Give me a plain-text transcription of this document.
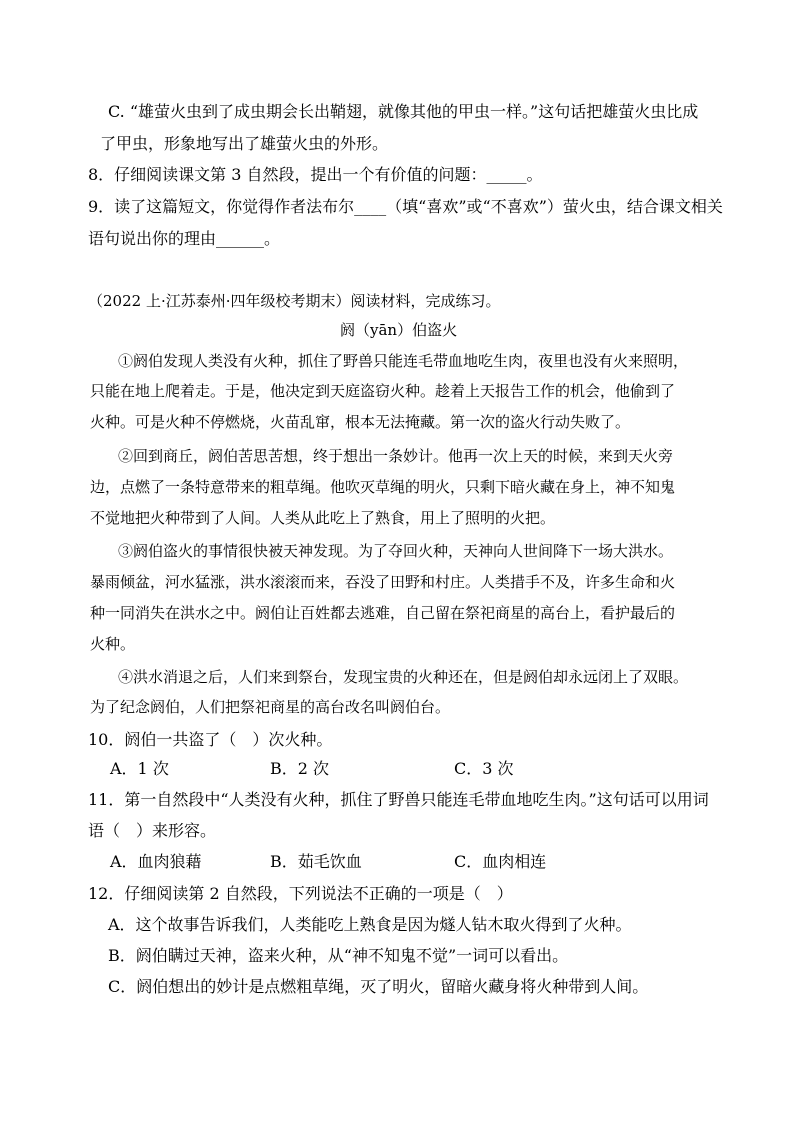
C. “雄萤火虫到了成虫期会长出鞘翅，就像其他的甲虫一样。”这句话把雄萤火虫比成
了甲虫，形象地写出了雄萤火虫的外形。
8．仔细阅读课文第 3 自然段，提出一个有价值的问题：_____。
9．读了这篇短文，你觉得作者法布尔____（填“喜欢”或“不喜欢”）萤火虫，结合课文相关
语句说出你的理由______。
（2022 上·江苏泰州·四年级校考期末）阅读材料，完成练习。
阏（yān）伯盗火
①阏伯发现人类没有火种，抓住了野兽只能连毛带血地吃生肉，夜里也没有火来照明，
只能在地上爬着走。于是，他决定到天庭盗窃火种。趁着上天报告工作的机会，他偷到了
火种。可是火种不停燃烧，火苗乱窜，根本无法掩藏。第一次的盗火行动失败了。
②回到商丘，阏伯苦思苦想，终于想出一条妙计。他再一次上天的时候，来到天火旁
边，点燃了一条特意带来的粗草绳。他吹灭草绳的明火，只剩下暗火藏在身上，神不知鬼
不觉地把火种带到了人间。人类从此吃上了熟食，用上了照明的火把。
③阏伯盗火的事情很快被天神发现。为了夺回火种，天神向人世间降下一场大洪水。
暴雨倾盆，河水猛涨，洪水滚滚而来，吞没了田野和村庄。人类措手不及，许多生命和火
种一同消失在洪水之中。阏伯让百姓都去逃难，自己留在祭祀商星的高台上，看护最后的
火种。
④洪水消退之后，人们来到祭台，发现宝贵的火种还在，但是阏伯却永远闭上了双眼。
为了纪念阏伯，人们把祭祀商星的高台改名叫阏伯台。
10．阏伯一共盗了（　）次火种。
A．1 次	B．2 次	C．3 次
11．第一自然段中“人类没有火种，抓住了野兽只能连毛带血地吃生肉。”这句话可以用词
语（　）来形容。
A．血肉狼藉	B．茹毛饮血	C．血肉相连
12．仔细阅读第 2 自然段，下列说法不正确的一项是（　）
A．这个故事告诉我们，人类能吃上熟食是因为燧人钻木取火得到了火种。
B．阏伯瞒过天神，盗来火种，从“神不知鬼不觉”一词可以看出。
C．阏伯想出的妙计是点燃粗草绳，灭了明火，留暗火藏身将火种带到人间。
